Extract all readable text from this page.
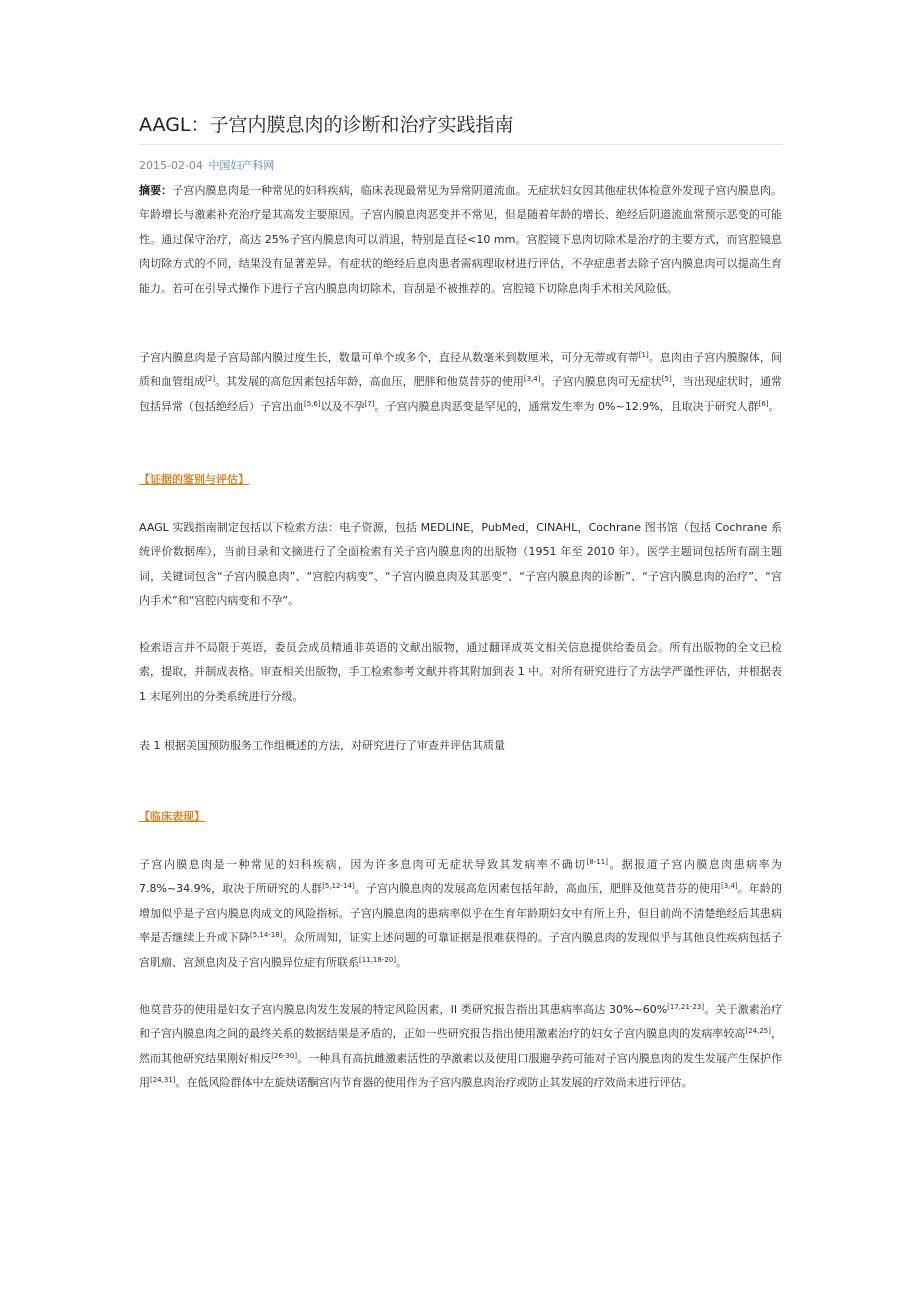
AAGL：子宫内膜息肉的诊断和治疗实践指南
2015-02-04 中国妇产科网
摘要：子宫内膜息肉是一种常见的妇科疾病，临床表现最常见为异常阴道流血。无症状妇女因其他症状体检意外发现子宫内膜息肉。年龄增长与激素补充治疗是其高发主要原因。子宫内膜息肉恶变并不常见，但是随着年龄的增长、绝经后阴道流血常预示恶变的可能性。通过保守治疗，高达 25%子宫内膜息肉可以消退，特别是直径<10 mm。宫腔镜下息肉切除术是治疗的主要方式，而宫腔镜息肉切除方式的不同，结果没有显著差异。有症状的绝经后息肉患者需病理取材进行评估，不孕症患者去除子宫内膜息肉可以提高生育能力。若可在引导式操作下进行子宫内膜息肉切除术，盲刮是不被推荐的。宫腔镜下切除息肉手术相关风险低。
子宫内膜息肉是子宫局部内膜过度生长，数量可单个或多个，直径从数毫米到数厘米，可分无蒂或有蒂[1]。息肉由子宫内膜腺体，间质和血管组成[2]。其发展的高危因素包括年龄，高血压，肥胖和他莫昔芬的使用[3,4]。子宫内膜息肉可无症状[5]，当出现症状时，通常包括异常（包括绝经后）子宫出血[5,6]以及不孕[7]。子宫内膜息肉恶变是罕见的，通常发生率为 0%~12.9%，且取决于研究人群[6]。
【证据的鉴别与评估】
AAGL 实践指南制定包括以下检索方法：电子资源，包括 MEDLINE，PubMed，CINAHL，Cochrane 图书馆（包括 Cochrane 系统评价数据库），当前目录和文摘进行了全面检索有关子宫内膜息肉的出版物（1951 年至 2010 年）。医学主题词包括所有副主题词，关键词包含“子宫内膜息肉”、“宫腔内病变”、“子宫内膜息肉及其恶变”、“子宫内膜息肉的诊断”、“子宫内膜息肉的治疗”、“宫内手术”和“宫腔内病变和不孕”。
检索语言并不局限于英语，委员会成员精通非英语的文献出版物，通过翻译成英文相关信息提供给委员会。所有出版物的全文已检索，提取，并制成表格。审查相关出版物，手工检索参考文献并将其附加到表 1 中。对所有研究进行了方法学严谨性评估，并根据表 1 末尾列出的分类系统进行分级。
表 1 根据美国预防服务工作组概述的方法，对研究进行了审查并评估其质量
【临床表现】
子宫内膜息肉是一种常见的妇科疾病，因为许多息肉可无症状导致其发病率不确切[8-11]。据报道子宫内膜息肉患病率为 7.8%~34.9%，取决于所研究的人群[5,12-14]。子宫内膜息肉的发展高危因素包括年龄，高血压，肥胖及他莫昔芬的使用[3,4]。年龄的增加似乎是子宫内膜息肉成文的风险指标。子宫内膜息肉的患病率似乎在生育年龄期妇女中有所上升，但目前尚不清楚绝经后其患病率是否继续上升或下降[5,14-18]。众所周知，证实上述问题的可靠证据是很难获得的。子宫内膜息肉的发现似乎与其他良性疾病包括子宫肌瘤、宫颈息肉及子宫内膜异位症有所联系[11,18-20]。
他莫昔芬的使用是妇女子宫内膜息肉发生发展的特定风险因素，II 类研究报告指出其患病率高达 30%~60%[17,21-23]。关于激素治疗和子宫内膜息肉之间的最终关系的数据结果是矛盾的，正如一些研究报告指出使用激素治疗的妇女子宫内膜息肉的发病率较高[24,25]，然而其他研究结果刚好相反[26-30]。一种具有高抗雌激素活性的孕激素以及使用口服避孕药可能对子宫内膜息肉的发生发展产生保护作用[24,31]。在低风险群体中左旋炔诺酮宫内节育器的使用作为子宫内膜息肉治疗或防止其发展的疗效尚未进行评估。
